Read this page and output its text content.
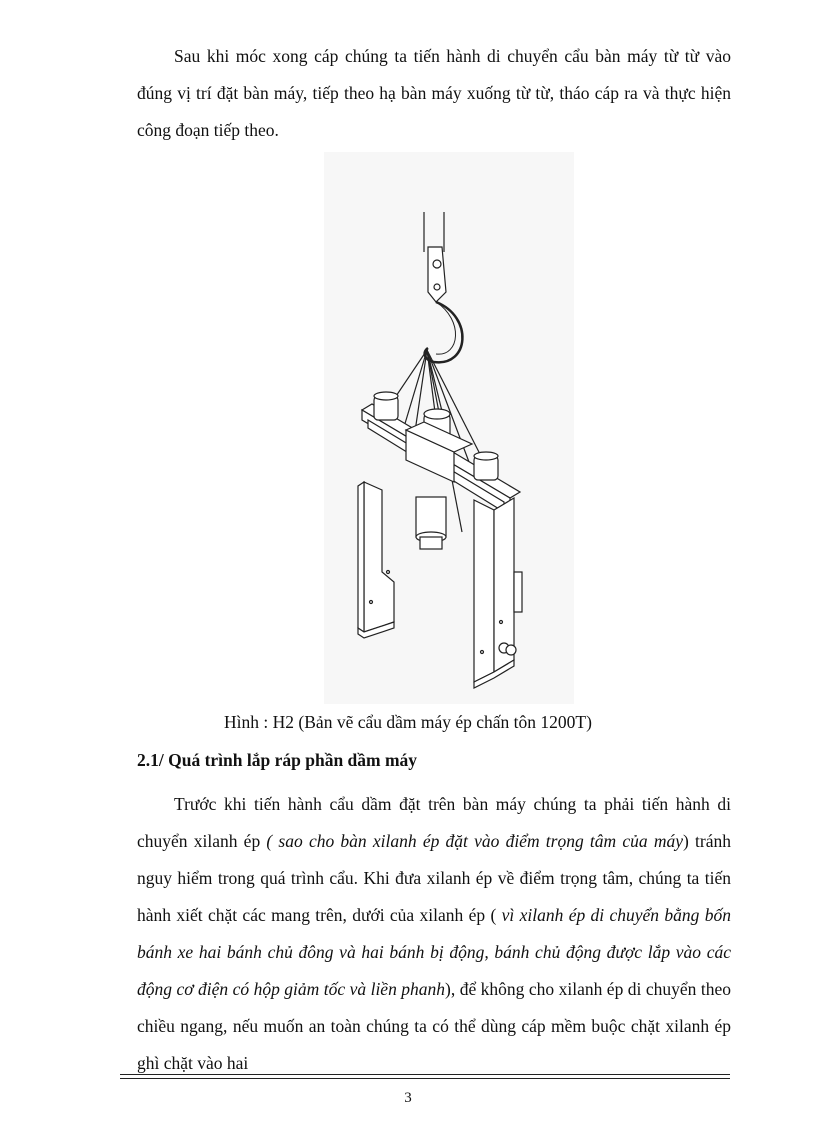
Sau khi móc xong cáp chúng ta tiến hành di chuyển cẩu bàn máy từ từ vào đúng vị trí đặt bàn máy, tiếp theo hạ bàn máy xuống từ từ, tháo cáp ra và thực hiện công đoạn tiếp theo.

Hình : H2 (Bản vẽ cẩu dầm máy ép chấn tôn 1200T)
2.1/ Quá trình lắp ráp phần dầm máy

Trước khi tiến hành cẩu dầm đặt trên bàn máy chúng ta phải tiến hành di chuyển xilanh ép ( sao cho bàn xilanh ép đặt vào điểm trọng tâm của máy) tránh nguy hiểm trong quá trình cẩu. Khi đưa xilanh ép về điểm trọng tâm, chúng ta tiến hành xiết chặt các mang trên, dưới của xilanh ép ( vì xilanh ép di chuyển bằng bốn bánh xe hai bánh chủ đông và hai bánh bị động, bánh chủ động được lắp vào các động cơ điện có hộp giảm tốc và liền phanh), để không cho xilanh ép di chuyển theo chiều ngang, nếu muốn an toàn chúng ta có thể dùng cáp mềm buộc chặt xilanh ép ghì chặt vào hai

3
